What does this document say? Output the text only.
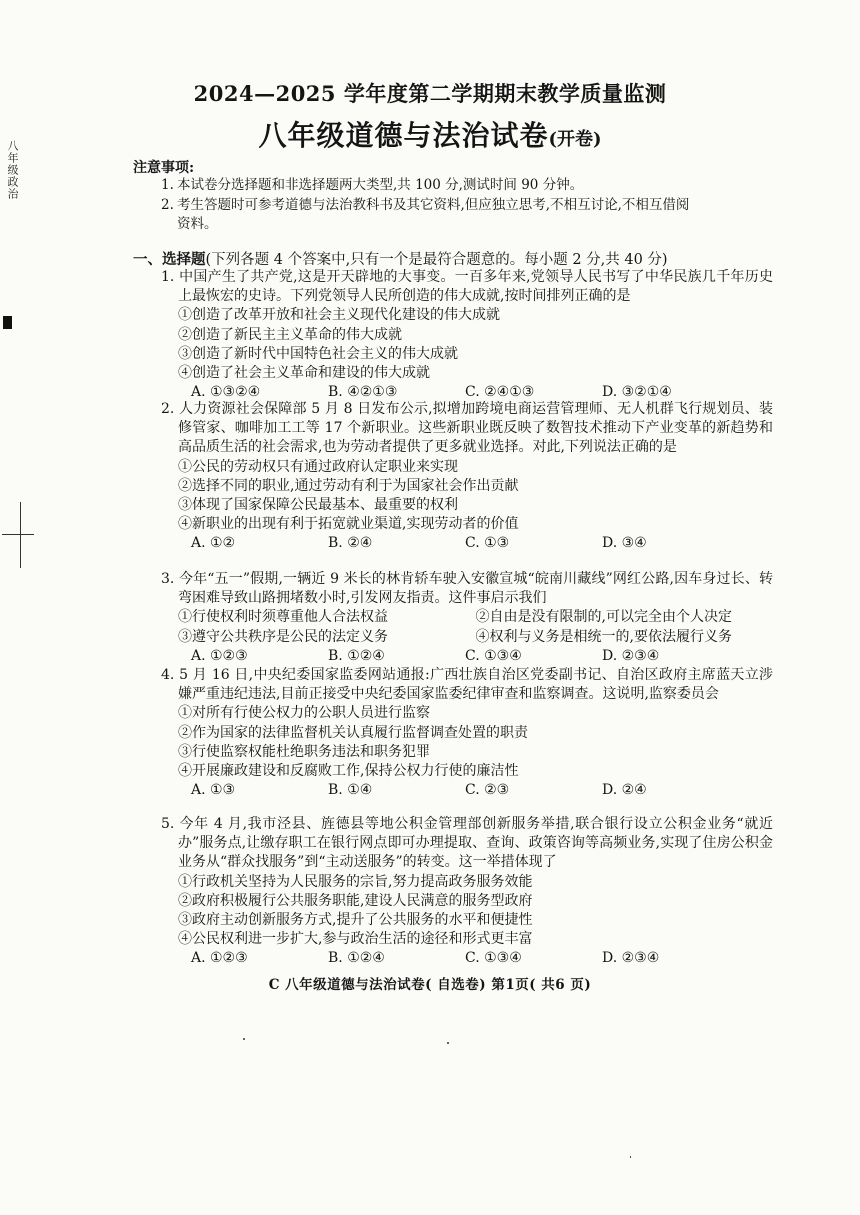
八年级政治
2024—2025 学年度第二学期期末教学质量监测
八年级道德与法治试卷(开卷)
注意事项:
1. 本试卷分选择题和非选择题两大类型,共 100 分,测试时间 90 分钟。
2. 考生答题时可参考道德与法治教科书及其它资料,但应独立思考,不相互讨论,不相互借阅
资料。
一、选择题(下列各题 4 个答案中,只有一个是最符合题意的。每小题 2 分,共 40 分)
1. 中国产生了共产党,这是开天辟地的大事变。一百多年来,党领导人民书写了中华民族几千年历史上最恢宏的史诗。下列党领导人民所创造的伟大成就,按时间排列正确的是
①创造了改革开放和社会主义现代化建设的伟大成就
②创造了新民主主义革命的伟大成就
③创造了新时代中国特色社会主义的伟大成就
④创造了社会主义革命和建设的伟大成就
A. ①③②④	B. ④②①③	C. ②④①③	D. ③②①④
2. 人力资源社会保障部 5 月 8 日发布公示,拟增加跨境电商运营管理师、无人机群飞行规划员、装修管家、咖啡加工工等 17 个新职业。这些新职业既反映了数智技术推动下产业变革的新趋势和高品质生活的社会需求,也为劳动者提供了更多就业选择。对此,下列说法正确的是
①公民的劳动权只有通过政府认定职业来实现
②选择不同的职业,通过劳动有利于为国家社会作出贡献
③体现了国家保障公民最基本、最重要的权利
④新职业的出现有利于拓宽就业渠道,实现劳动者的价值
A. ①②	B. ②④	C. ①③	D. ③④
3. 今年“五一”假期,一辆近 9 米长的林肯轿车驶入安徽宣城“皖南川藏线”网红公路,因车身过长、转弯困难导致山路拥堵数小时,引发网友指责。这件事启示我们
①行使权利时须尊重他人合法权益	②自由是没有限制的,可以完全由个人决定
③遵守公共秩序是公民的法定义务	④权利与义务是相统一的,要依法履行义务
A. ①②③	B. ①②④	C. ①③④	D. ②③④
4. 5 月 16 日,中央纪委国家监委网站通报:广西壮族自治区党委副书记、自治区政府主席蓝天立涉嫌严重违纪违法,目前正接受中央纪委国家监委纪律审查和监察调查。这说明,监察委员会
①对所有行使公权力的公职人员进行监察
②作为国家的法律监督机关认真履行监督调查处置的职责
③行使监察权能杜绝职务违法和职务犯罪
④开展廉政建设和反腐败工作,保持公权力行使的廉洁性
A. ①③	B. ①④	C. ②③	D. ②④
5. 今年 4 月,我市泾县、旌德县等地公积金管理部创新服务举措,联合银行设立公积金业务“就近办”服务点,让缴存职工在银行网点即可办理提取、查询、政策咨询等高频业务,实现了住房公积金业务从“群众找服务”到“主动送服务”的转变。这一举措体现了
①行政机关坚持为人民服务的宗旨,努力提高政务服务效能
②政府积极履行公共服务职能,建设人民满意的服务型政府
③政府主动创新服务方式,提升了公共服务的水平和便捷性
④公民权利进一步扩大,参与政治生活的途径和形式更丰富
A. ①②③	B. ①②④	C. ①③④	D. ②③④
C 八年级道德与法治试卷( 自选卷) 第1页( 共6 页)
